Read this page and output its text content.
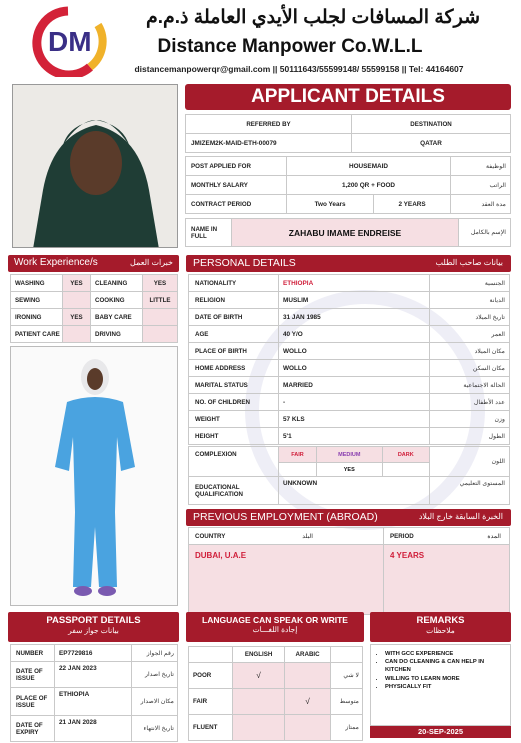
DM
شركة المسافات لجلب الأيدي العاملة ذ.م.م
Distance Manpower Co.W.L.L
distancemanpowerqr@gmail.com || 50111643/55599148/ 55599158 || Tel: 44164607
APPLICANT DETAILS
REFERRED BY	DESTINATION
JMIZEM2K-MAID-ETH-00079	QATAR
POST APPLIED FOR	HOUSEMAID		الوظيفة
MONTHLY SALARY	1,200 QR + FOOD		الراتب
CONTRACT PERIOD	Two Years	2 YEARS	مدة العقد
NAME IN FULL	ZAHABU IMAME ENDREISE	الإسم بالكامل
Work Experience/s	خبرات العمل
WASHING	YES	CLEANING	YES
SEWING		COOKING	LITTLE
IRONING	YES	BABY CARE	
PATIENT CARE		DRIVING	
PERSONAL DETAILS	بيانات صاحب الطلب
NATIONALITY	ETHIOPIA	الجنسية
RELIGION	MUSLIM	الديانة
DATE OF BIRTH	31 JAN 1985	تاريخ الميلاد
AGE	40 Y/O	العمر
PLACE OF BIRTH	WOLLO	مكان الميلاد
HOME ADDRESS	WOLLO	مكان السكن
MARITAL STATUS	MARRIED	الحالة الاجتماعية
NO. OF CHILDREN	-	عدد الأطفال
WEIGHT	57 KLS	وزن
HEIGHT	5'1	الطول
COMPLEXION	FAIR	MEDIUM	DARK	اللون
		YES		
EDUCATIONAL QUALIFICATION	UNKNOWN			المستوى التعليمي
PREVIOUS EMPLOYMENT (ABROAD)	الخبرة السابقة خارج البلاد
COUNTRY البلد	PERIOD المدة

DUBAI, U.A.E	4 YEARS
PASSPORT DETAILS
بيانات جواز سفر
NUMBER	EP7729816	رقم الجواز
DATE OF ISSUE	22 JAN 2023	تاريخ اصدار
PLACE OF ISSUE	ETHIOPIA	مكان الاصدار
DATE OF EXPIRY	21 JAN 2028	تاريخ الانتهاء
LANGUAGE CAN SPEAK OR WRITE
إجادة اللغـــات
	ENGLISH	ARABIC	
POOR	√		لا شي
FAIR		√	متوسط
FLUENT			ممتاز
REMARKS
ملاحظات
• WITH GCC EXPERIENCE
• CAN DO CLEANING & CAN HELP IN KITCHEN
• WILLING TO LEARN MORE
• PHYSICALLY FIT
20-SEP-2025
